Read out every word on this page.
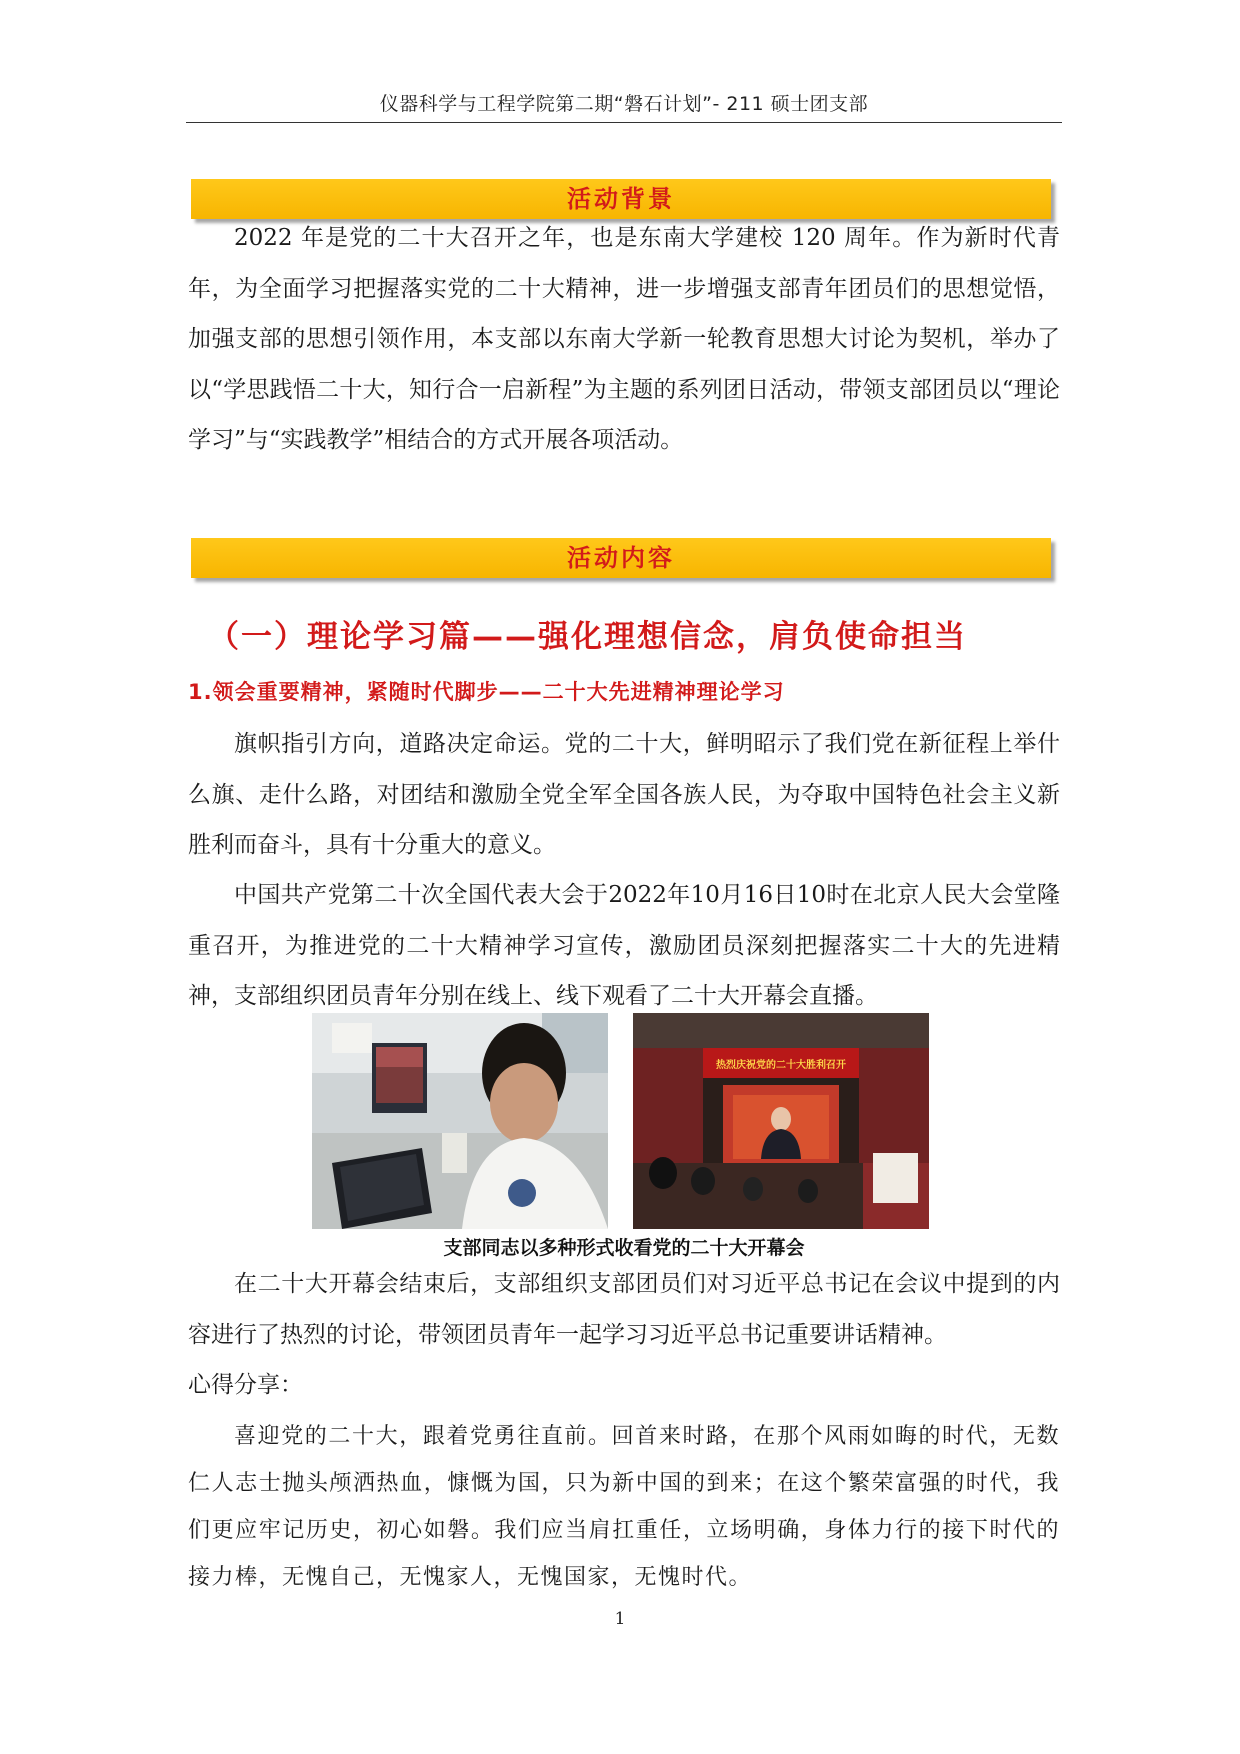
仪器科学与工程学院第二期“磐石计划”- 211 硕士团支部
活动背景

2022 年是党的二十大召开之年，也是东南大学建校 120 周年。作为新时代青年，为全面学习把握落实党的二十大精神，进一步增强支部青年团员们的思想觉悟，加强支部的思想引领作用，本支部以东南大学新一轮教育思想大讨论为契机，举办了以“学思践悟二十大，知行合一启新程”为主题的系列团日活动，带领支部团员以“理论学习”与“实践教学”相结合的方式开展各项活动。

活动内容
（一）理论学习篇——强化理想信念，肩负使命担当
1.领会重要精神，紧随时代脚步——二十大先进精神理论学习

旗帜指引方向，道路决定命运。党的二十大，鲜明昭示了我们党在新征程上举什么旗、走什么路，对团结和激励全党全军全国各族人民，为夺取中国特色社会主义新胜利而奋斗，具有十分重大的意义。

中国共产党第二十次全国代表大会于2022年10月16日10时在北京人民大会堂隆重召开，为推进党的二十大精神学习宣传，激励团员深刻把握落实二十大的先进精神，支部组织团员青年分别在线上、线下观看了二十大开幕会直播。

热烈庆祝党的二十大胜利召开
支部同志以多种形式收看党的二十大开幕会

在二十大开幕会结束后，支部组织支部团员们对习近平总书记在会议中提到的内容进行了热烈的讨论，带领团员青年一起学习习近平总书记重要讲话精神。

心得分享：

喜迎党的二十大，跟着党勇往直前。回首来时路，在那个风雨如晦的时代，无数仁人志士抛头颅洒热血，慷慨为国，只为新中国的到来；在这个繁荣富强的时代，我们更应牢记历史，初心如磐。我们应当肩扛重任，立场明确，身体力行的接下时代的接力棒，无愧自己，无愧家人，无愧国家，无愧时代。

1
